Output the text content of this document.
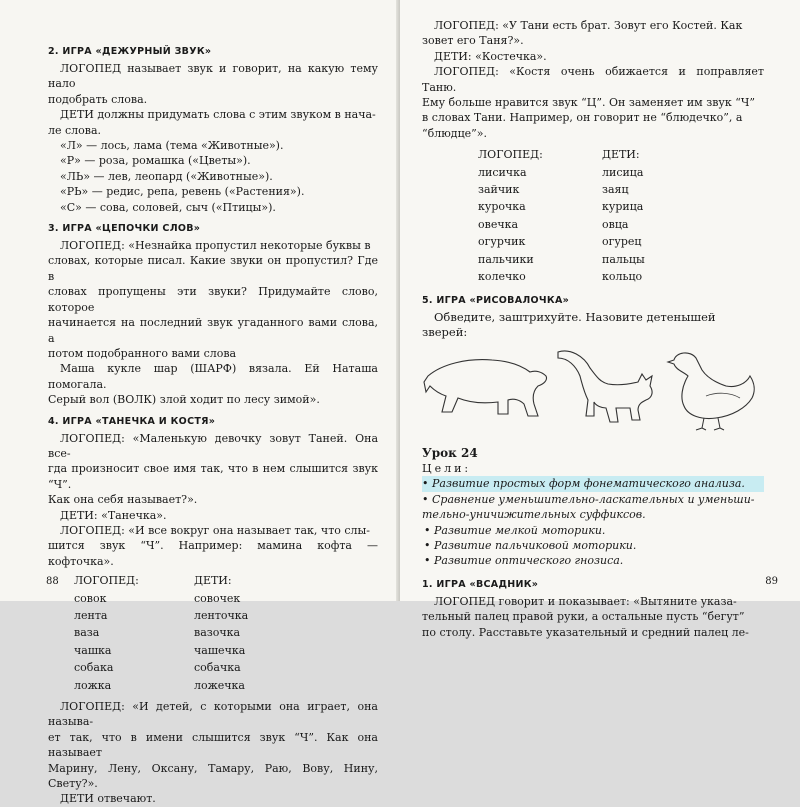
2. ИГРА «ДЕЖУРНЫЙ ЗВУК»

ЛОГОПЕД называет звук и говорит, на какую тему нало

подобрать слова.

ДЕТИ должны придумать слова с этим звуком в нача-

ле слова.

«Л» — лось, лама (тема «Животные»).

«Р» — роза, ромашка («Цветы»).

«ЛЬ» — лев, леопард («Животные»).

«РЬ» — редис, репа, ревень («Растения»).

«С» — сова, соловей, сыч («Птицы»).

3. ИГРА «ЦЕПОЧКИ СЛОВ»

ЛОГОПЕД: «Незнайка пропустил некоторые буквы в

словах, которые писал. Какие звуки он пропустил? Где в

словах пропущены эти звуки? Придумайте слово, которое

начинается на последний звук угаданного вами слова, а

потом подобранного вами слова

Маша кукле шар (ШАРФ) вязала. Ей Наташа помогала.

Серый вол (ВОЛК) злой ходит по лесу зимой».

4. ИГРА «ТАНЕЧКА И КОСТЯ»

ЛОГОПЕД: «Маленькую девочку зовут Таней. Она все-

гда произносит свое имя так, что в нем слышится звук “Ч”.

Как она себя называет?».

ДЕТИ: «Танечка».

ЛОГОПЕД: «И все вокруг она называет так, что слы-

шится звук “Ч”. Например: мамина кофта — кофточка».

ЛОГОПЕД:	ДЕТИ:
совок	совочек
лента	ленточка
ваза	вазочка
чашка	чашечка
собака	собачка
ложка	ложечка

ЛОГОПЕД: «И детей, с которыми она играет, она называ-

ет так, что в имени слышится звук “Ч”. Как она называет

Марину, Лену, Оксану, Тамару, Раю, Вову, Нину, Свету?».

ДЕТИ отвечают.

88

ЛОГОПЕД: «У Тани есть брат. Зовут его Костей. Как

зовет его Таня?».

ДЕТИ: «Костечка».

ЛОГОПЕД: «Костя очень обижается и поправляет Таню.

Ему больше нравится звук “Ц”. Он заменяет им звук “Ч”

в словах Тани. Например, он говорит не “блюдечко”, а

“блюдце”».

ЛОГОПЕД:	ДЕТИ:
лисичка	лисица
зайчик	заяц
курочка	курица
овечка	овца
огурчик	огурец
пальчики	пальцы
колечко	кольцо
5. ИГРА «РИСОВАЛОЧКА»

Обведите, заштрихуйте. Назовите детенышей зверей:

Урок 24
Цели:
• Развитие простых форм фонематического анализа.
• Сравнение уменьшительно-ласкательных и уменьши-
тельно-уничижительных суффиксов.
• Развитие мелкой моторики.
• Развитие пальчиковой моторики.
• Развитие оптического гнозиса.
1. ИГРА «ВСАДНИК»

ЛОГОПЕД говорит и показывает: «Вытяните указа-

тельный палец правой руки, а остальные пусть “бегут”

по столу. Расставьте указательный и средний палец ле-

89
